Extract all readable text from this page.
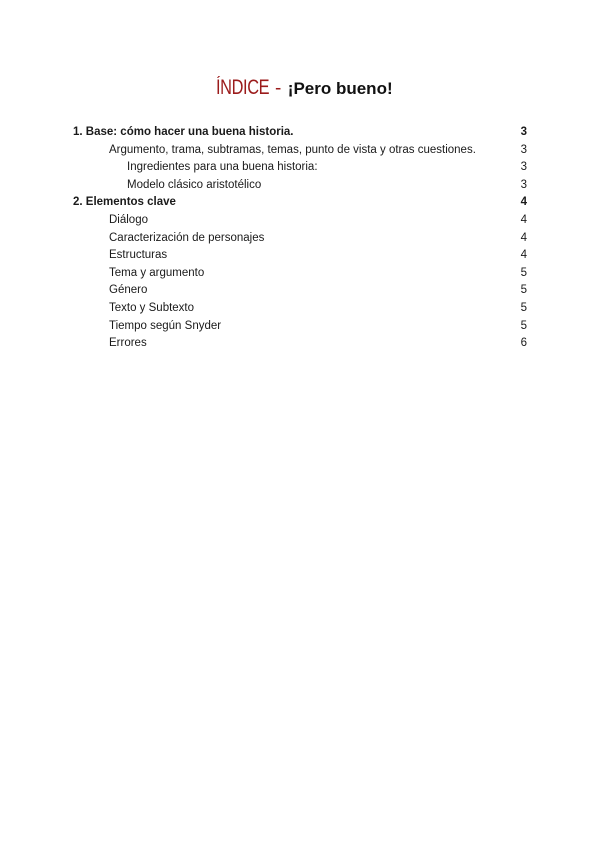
ÍNDICE - ¡Pero bueno!
1. Base: cómo hacer una buena historia.	3
Argumento, trama, subtramas, temas, punto de vista y otras cuestiones.	3
Ingredientes para una buena historia:	3
Modelo clásico aristotélico	3
2. Elementos clave	4
Diálogo	4
Caracterización de personajes	4
Estructuras	4
Tema y argumento	5
Género	5
Texto y Subtexto	5
Tiempo según Snyder	5
Errores	6
